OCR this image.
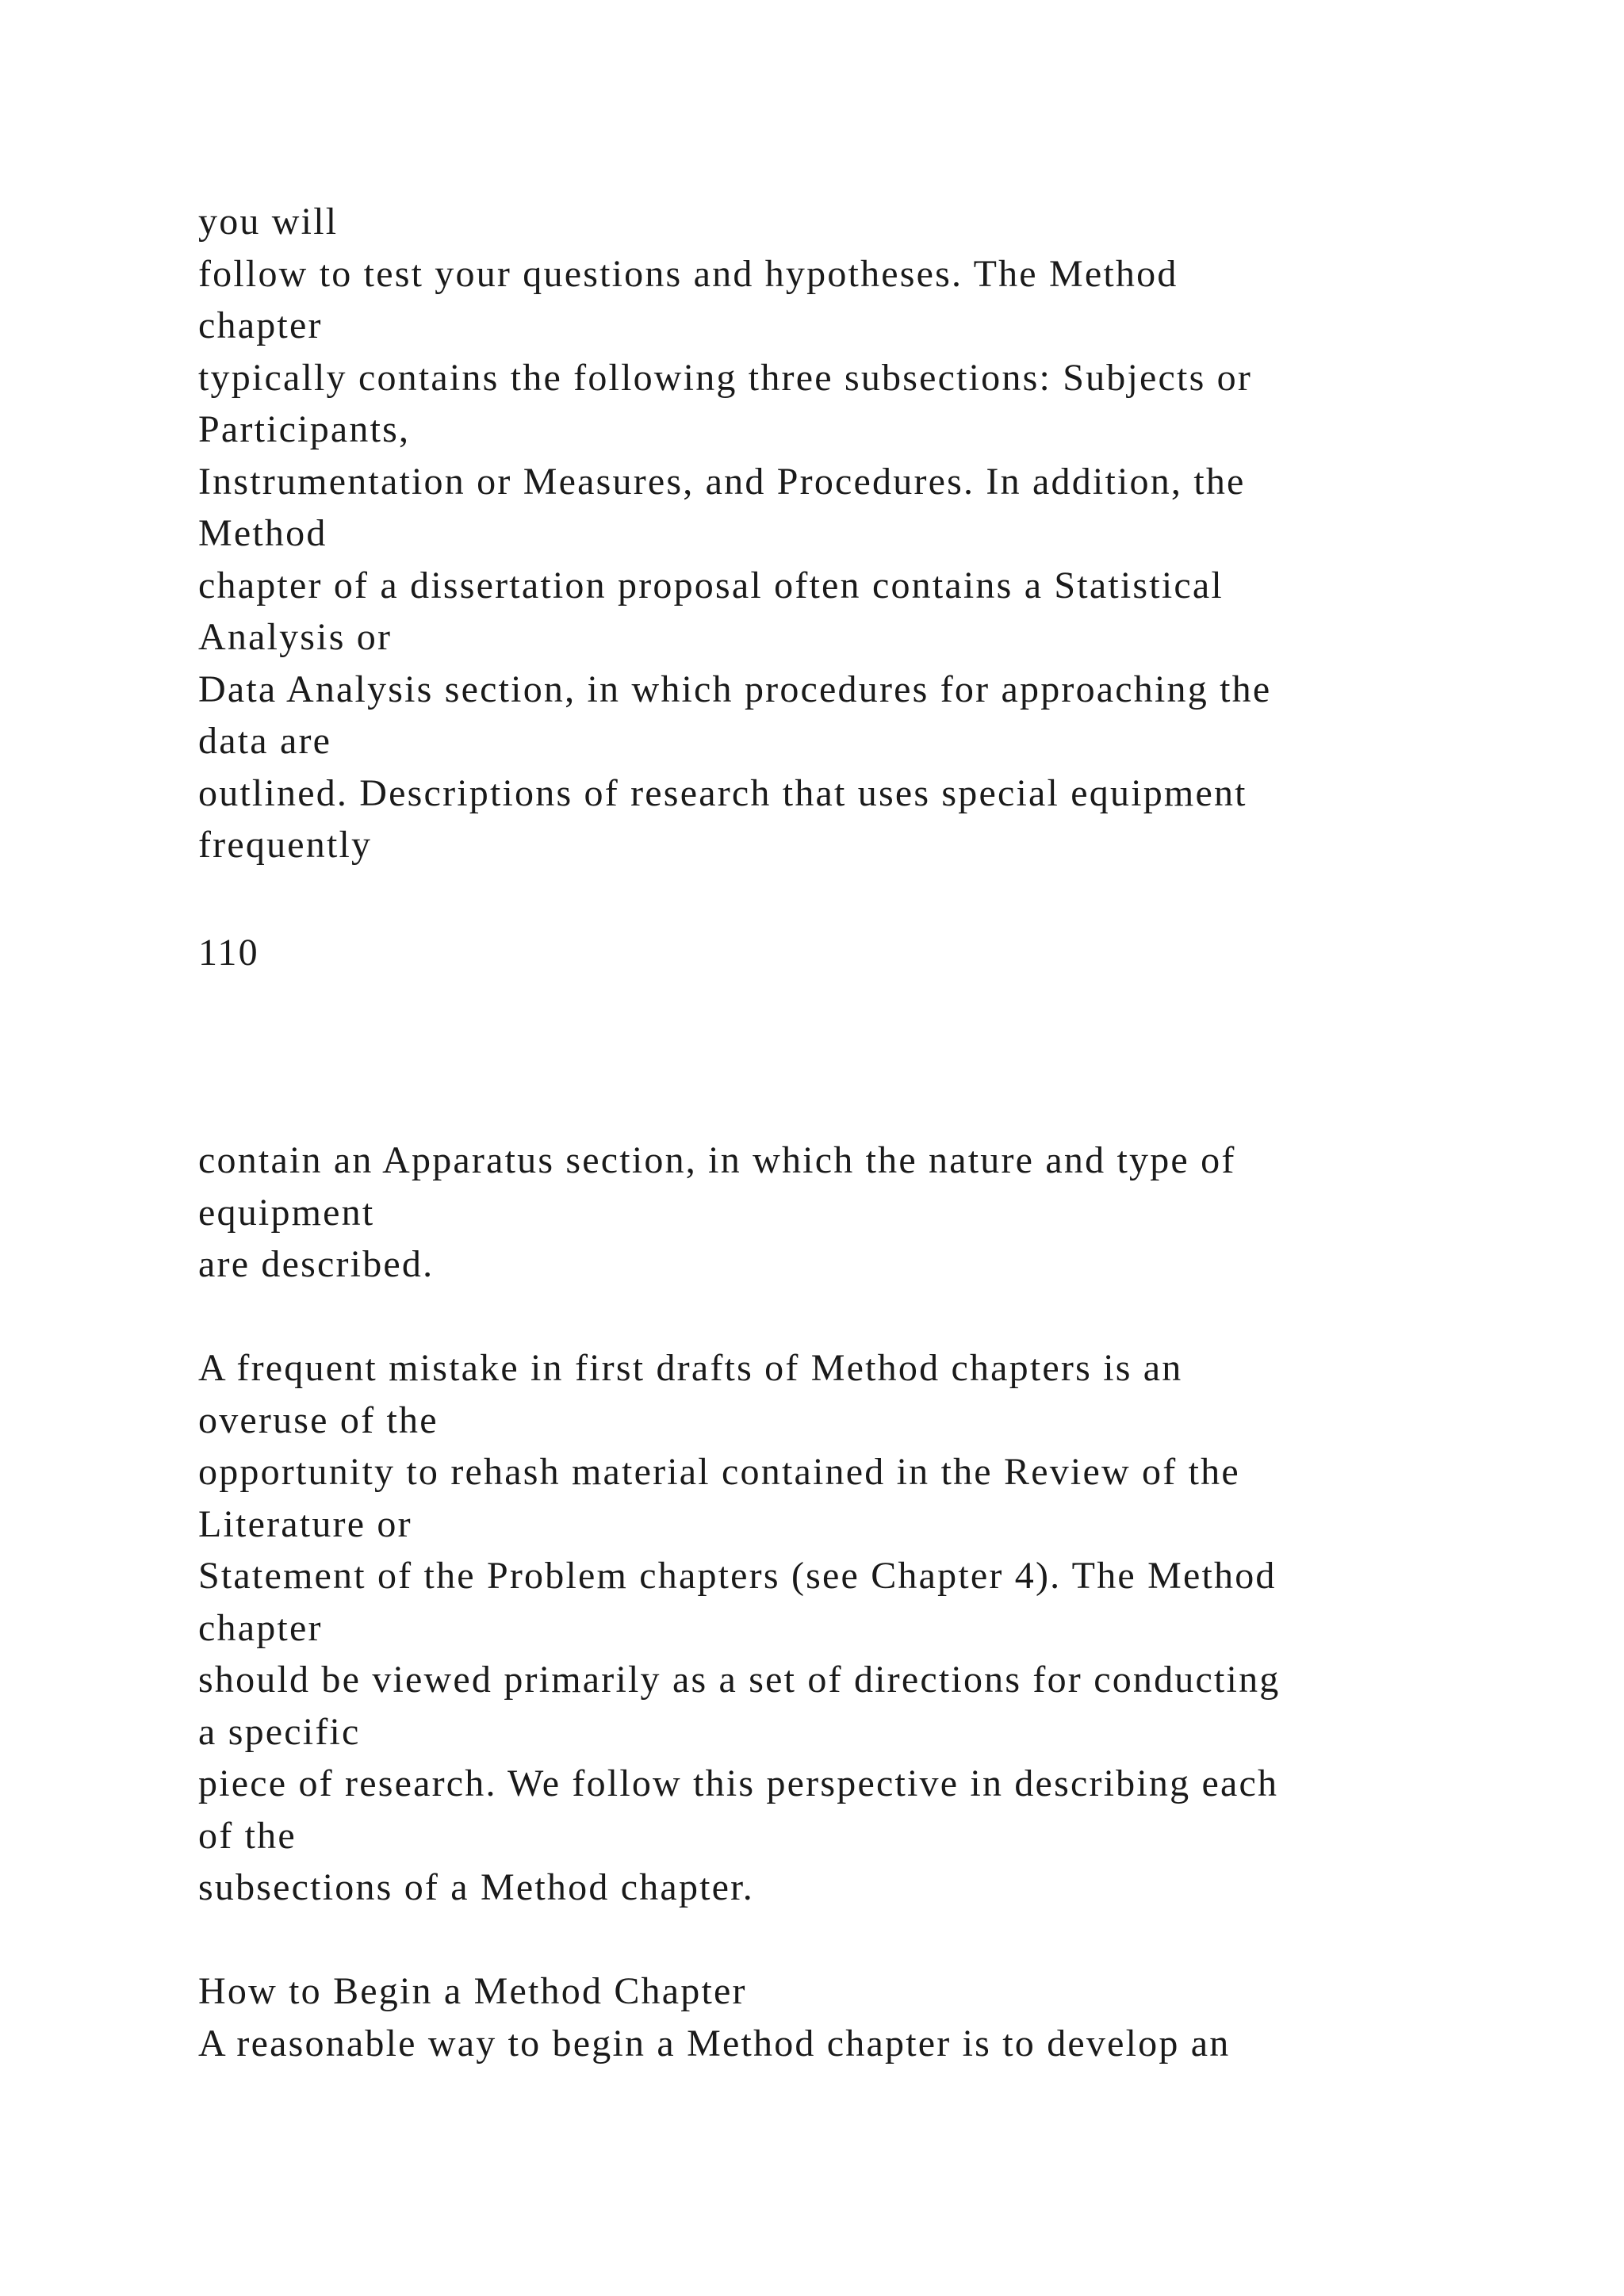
you will
follow to test your questions and hypotheses. The Method
chapter
typically contains the following three subsections: Subjects or
Participants,
Instrumentation or Measures, and Procedures. In addition, the
Method
chapter of a dissertation proposal often contains a Statistical
Analysis or
Data Analysis section, in which procedures for approaching the
data are
outlined. Descriptions of research that uses special equipment
frequently
110
contain an Apparatus section, in which the nature and type of
equipment
are described.
A frequent mistake in first drafts of Method chapters is an
overuse of the
opportunity to rehash material contained in the Review of the
Literature or
Statement of the Problem chapters (see Chapter 4). The Method
chapter
should be viewed primarily as a set of directions for conducting
a specific
piece of research. We follow this perspective in describing each
of the
subsections of a Method chapter.
How to Begin a Method Chapter
A reasonable way to begin a Method chapter is to develop an
